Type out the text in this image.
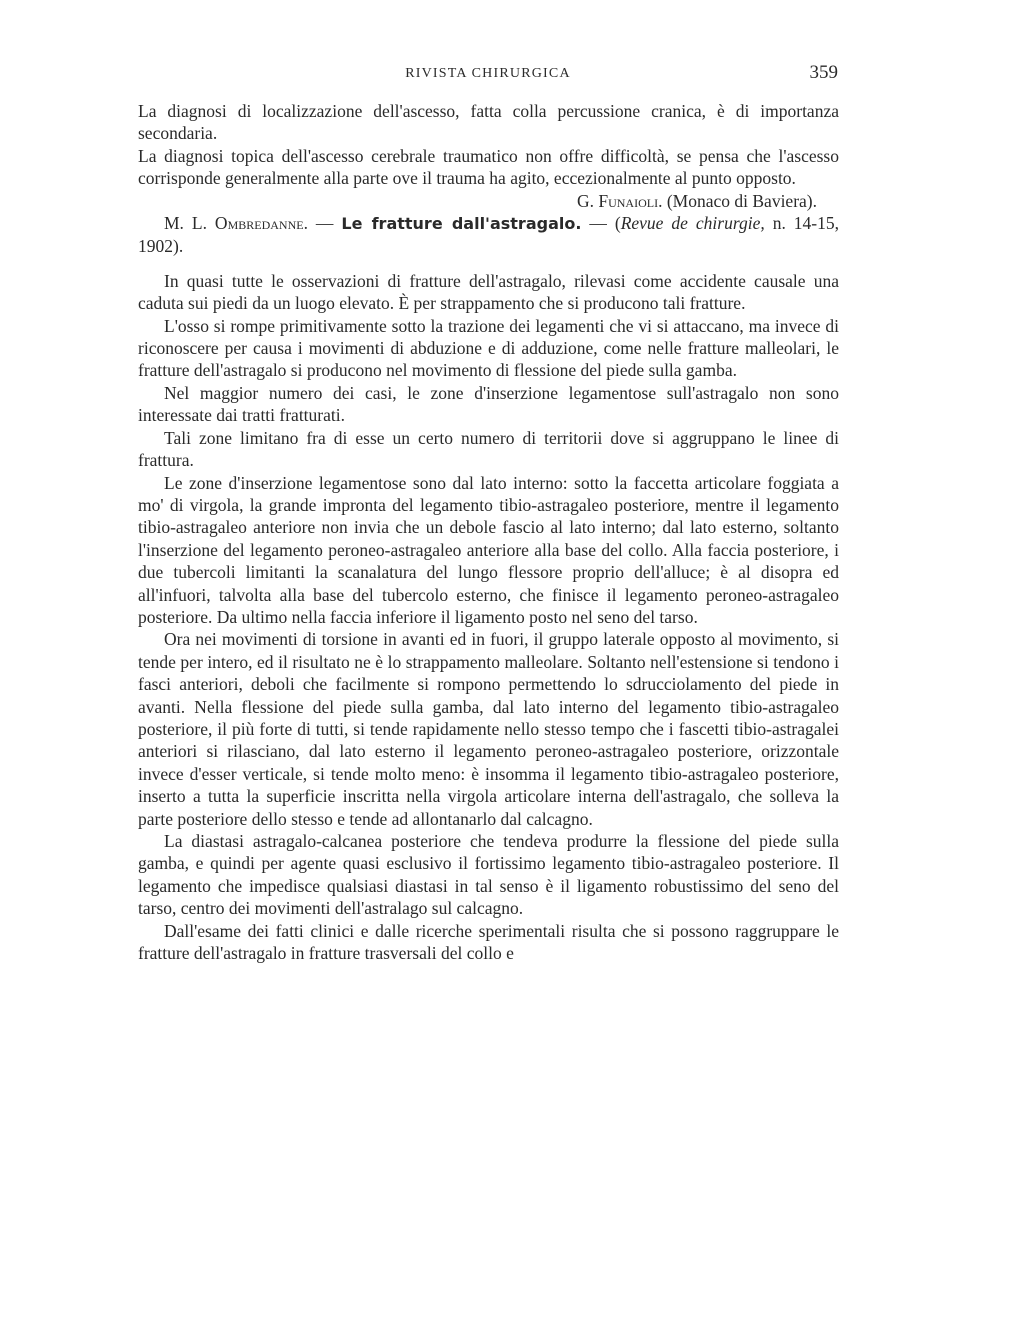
RIVISTA CHIRURGICA	359

La diagnosi di localizzazione dell'ascesso, fatta colla percussione cranica, è di importanza secondaria.

La diagnosi topica dell'ascesso cerebrale traumatico non offre difficoltà, se pensa che l'ascesso corrisponde generalmente alla parte ove il trauma ha agito, eccezionalmente al punto opposto.

G. Funaioli. (Monaco di Baviera).

M. L. Ombredanne. — Le fratture dall'astragalo. — (Revue de chirurgie, n. 14-15, 1902).

In quasi tutte le osservazioni di fratture dell'astragalo, rilevasi come accidente causale una caduta sui piedi da un luogo elevato. È per strappamento che si producono tali fratture.

L'osso si rompe primitivamente sotto la trazione dei legamenti che vi si attaccano, ma invece di riconoscere per causa i movimenti di abduzione e di adduzione, come nelle fratture malleolari, le fratture dell'astragalo si producono nel movimento di flessione del piede sulla gamba.

Nel maggior numero dei casi, le zone d'inserzione legamentose sull'astragalo non sono interessate dai tratti fratturati.

Tali zone limitano fra di esse un certo numero di territorii dove si aggruppano le linee di frattura.

Le zone d'inserzione legamentose sono dal lato interno: sotto la faccetta articolare foggiata a mo' di virgola, la grande impronta del legamento tibio-astragaleo posteriore, mentre il legamento tibio-astragaleo anteriore non invia che un debole fascio al lato interno; dal lato esterno, soltanto l'inserzione del legamento peroneo-astragaleo anteriore alla base del collo. Alla faccia posteriore, i due tubercoli limitanti la scanalatura del lungo flessore proprio dell'alluce; è al disopra ed all'infuori, talvolta alla base del tubercolo esterno, che finisce il legamento peroneo-astragaleo posteriore. Da ultimo nella faccia inferiore il ligamento posto nel seno del tarso.

Ora nei movimenti di torsione in avanti ed in fuori, il gruppo laterale opposto al movimento, si tende per intero, ed il risultato ne è lo strappamento malleolare. Soltanto nell'estensione si tendono i fasci anteriori, deboli che facilmente si rompono permettendo lo sdrucciolamento del piede in avanti. Nella flessione del piede sulla gamba, dal lato interno del legamento tibio-astragaleo posteriore, il più forte di tutti, si tende rapidamente nello stesso tempo che i fascetti tibio-astragalei anteriori si rilasciano, dal lato esterno il legamento peroneo-astragaleo posteriore, orizzontale invece d'esser verticale, si tende molto meno: è insomma il legamento tibio-astragaleo posteriore, inserto a tutta la superficie inscritta nella virgola articolare interna dell'astragalo, che solleva la parte posteriore dello stesso e tende ad allontanarlo dal calcagno.

La diastasi astragalo-calcanea posteriore che tendeva produrre la flessione del piede sulla gamba, e quindi per agente quasi esclusivo il fortissimo legamento tibio-astragaleo posteriore. Il legamento che impedisce qualsiasi diastasi in tal senso è il ligamento robustissimo del seno del tarso, centro dei movimenti dell'astralago sul calcagno.

Dall'esame dei fatti clinici e dalle ricerche sperimentali risulta che si possono raggruppare le fratture dell'astragalo in fratture trasversali del collo e
